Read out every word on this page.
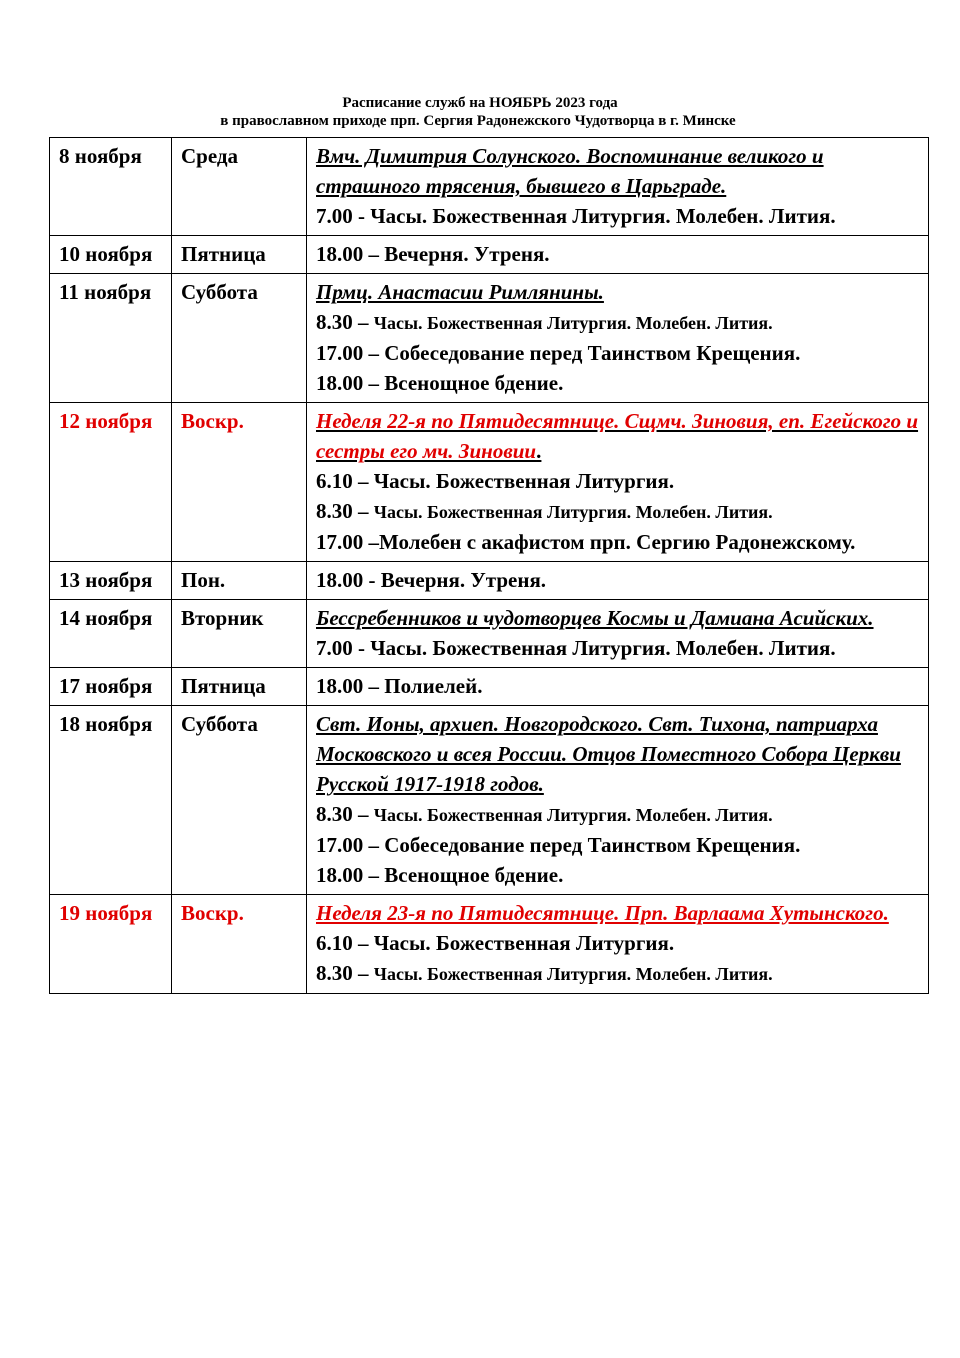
Расписание служб на НОЯБРЬ 2023 года
в православном приходе прп. Сергия Радонежского Чудотворца в г. Минске
8 ноября	Среда	Вмч. Димитрия Солунского. Воспоминание великого и страшного трясения, бывшего в Царьграде.
7.00 - Часы. Божественная Литургия. Молебен. Лития.

10 ноября	Пятница	18.00 – Вечерня. Утреня.

11 ноября	Суббота	Прмц. Анастасии Римлянины.
8.30 – Часы. Божественная Литургия. Молебен. Лития.
17.00 – Собеседование перед Таинством Крещения.
18.00 – Всенощное бдение.

12 ноября	Воскр.	Неделя 22-я по Пятидесятнице. Сщмч. Зиновия, еп. Егейского и сестры его мч. Зиновии.
6.10 – Часы. Божественная Литургия.
8.30 – Часы. Божественная Литургия. Молебен. Лития.
17.00 –Молебен с акафистом прп. Сергию Радонежскому.

13 ноября	Пон.	18.00 - Вечерня. Утреня.

14 ноября	Вторник	Бессребенников и чудотворцев Космы и Дамиана Асийских.
7.00 - Часы. Божественная Литургия. Молебен. Лития.

17 ноября	Пятница	18.00 – Полиелей.

18 ноября	Суббота	Свт. Ионы, архиеп. Новгородского. Свт. Тихона, патриарха Московского и всея России. Отцов Поместного Собора Церкви Русской 1917-1918 годов.
8.30 – Часы. Божественная Литургия. Молебен. Лития.
17.00 – Собеседование перед Таинством Крещения.
18.00 – Всенощное бдение.

19 ноября	Воскр.	Неделя 23-я по Пятидесятнице. Прп. Варлаама Хутынского.
6.10 – Часы. Божественная Литургия.
8.30 – Часы. Божественная Литургия. Молебен. Лития.
